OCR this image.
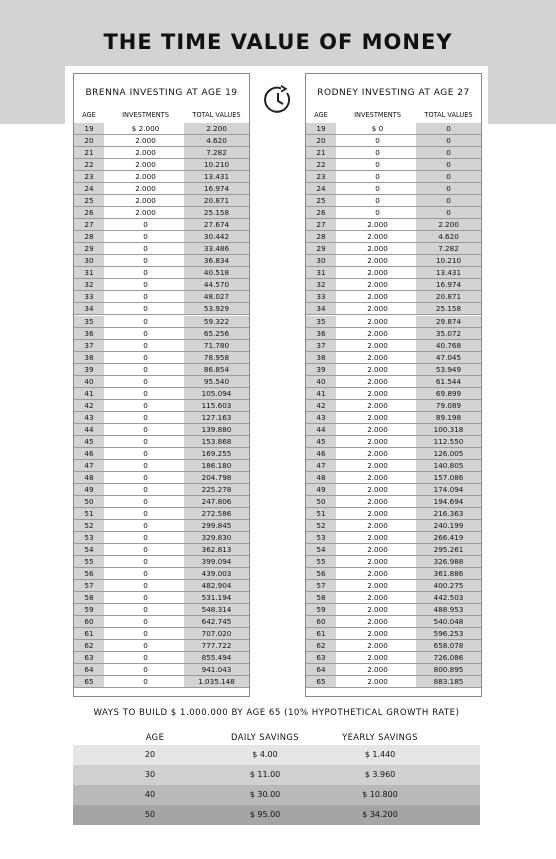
THE TIME VALUE OF MONEY
BRENNA INVESTING AT AGE 19
AGE	INVESTMENTS	TOTAL VALUES
19	$ 2.000	2.200
20	2.000	4.620
21	2.000	7.282
22	2.000	10.210
23	2.000	13.431
24	2.000	16.974
25	2.000	20.871
26	2.000	25.158
27	0	27.674
28	0	30.442
29	0	33.486
30	0	36.834
31	0	40.518
32	0	44.570
33	0	48.027
34	0	53.929
35	0	59.322
36	0	65.256
37	0	71.780
38	0	78.958
39	0	86.854
40	0	95.540
41	0	105.094
42	0	115.603
43	0	127.163
44	0	139.880
45	0	153.868
46	0	169.255
47	0	186.180
48	0	204.798
49	0	225.278
50	0	247.806
51	0	272.586
52	0	299.845
53	0	329.830
54	0	362.813
55	0	399.094
56	0	439.003
57	0	482.904
58	0	531.194
59	0	548.314
60	0	642.745
61	0	707.020
62	0	777.722
63	0	855.494
64	0	941.043
65	0	1.035.148
RODNEY INVESTING AT AGE 27
AGE	INVESTMENTS	TOTAL VALUES
19	$ 0	0
20	0	0
21	0	0
22	0	0
23	0	0
24	0	0
25	0	0
26	0	0
27	2.000	2.200
28	2.000	4.620
29	2.000	7.282
30	2.000	10.210
31	2.000	13.431
32	2.000	16.974
33	2.000	20.871
34	2.000	25.158
35	2.000	29.874
36	2.000	35.072
37	2.000	40.768
38	2.000	47.045
39	2.000	53.949
40	2.000	61.544
41	2.000	69.899
42	2.000	79.089
43	2.000	89.198
44	2.000	100.318
45	2.000	112.550
46	2.000	126.005
47	2.000	140.805
48	2.000	157.086
49	2.000	174.094
50	2.000	194.694
51	2.000	216.363
52	2.000	240.199
53	2.000	266.419
54	2.000	295.261
55	2.000	326.988
56	2.000	361.886
57	2.000	400.275
58	2.000	442.503
59	2.000	488.953
60	2.000	540.048
61	2.000	596.253
62	2.000	658.078
63	2.000	726.086
64	2.000	800.895
65	2.000	883.185
WAYS TO BUILD $ 1.000.000 BY AGE 65 (10% HYPOTHETICAL GROWTH RATE)
AGE	DAILY SAVINGS	YEARLY SAVINGS
20	$ 4.00	$ 1.440
30	$ 11.00	$ 3.960
40	$ 30.00	$ 10.800
50	$ 95.00	$ 34.200
